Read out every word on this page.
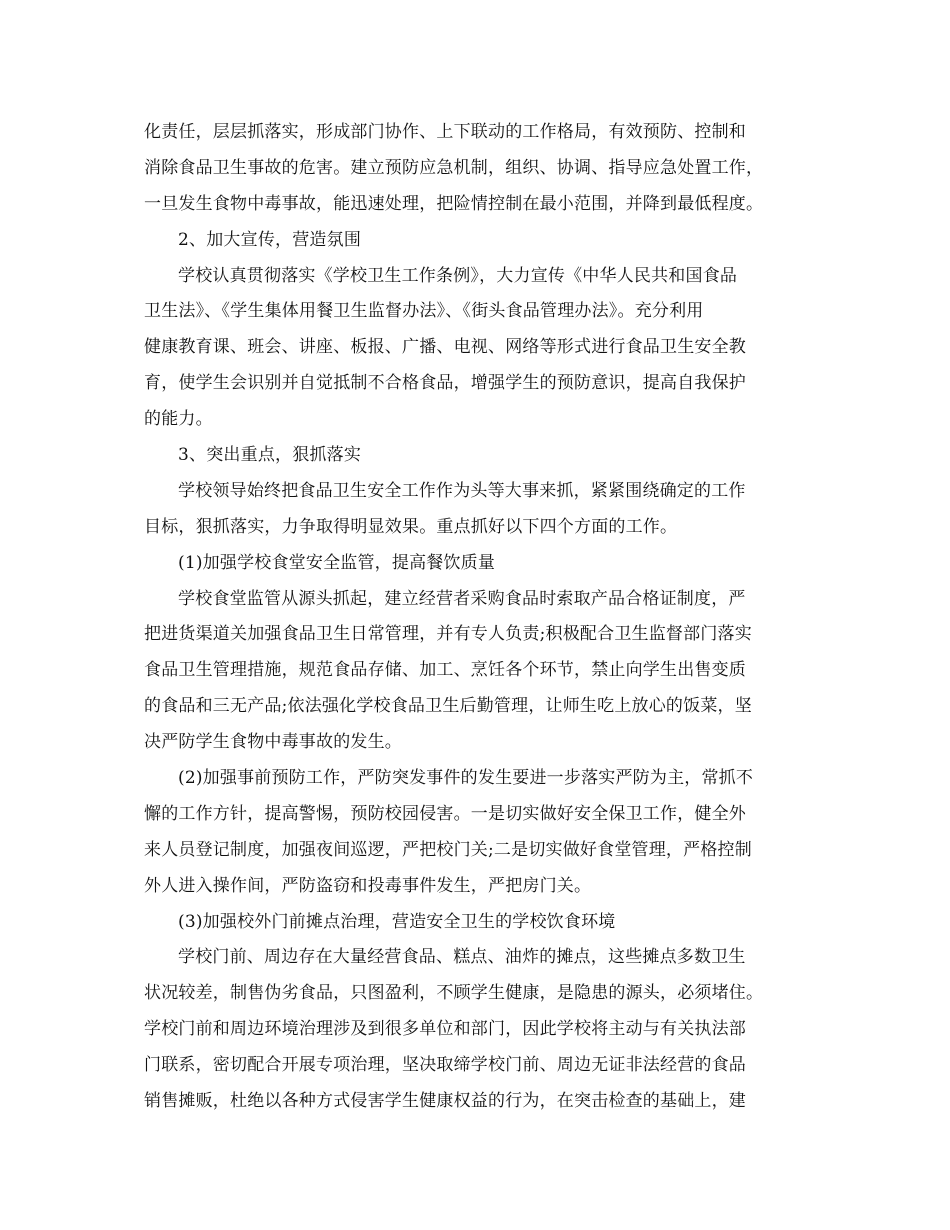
化责任，层层抓落实，形成部门协作、上下联动的工作格局，有效预防、控制和
消除食品卫生事故的危害。建立预防应急机制，组织、协调、指导应急处置工作，
一旦发生食物中毒事故，能迅速处理，把险情控制在最小范围，并降到最低程度。
2、加大宣传，营造氛围
学校认真贯彻落实《学校卫生工作条例》，大力宣传《中华人民共和国食品
卫生法》、《学生集体用餐卫生监督办法》、《街头食品管理办法》。充分利用
健康教育课、班会、讲座、板报、广播、电视、网络等形式进行食品卫生安全教
育，使学生会识别并自觉抵制不合格食品，增强学生的预防意识，提高自我保护
的能力。
3、突出重点，狠抓落实
学校领导始终把食品卫生安全工作作为头等大事来抓，紧紧围绕确定的工作
目标，狠抓落实，力争取得明显效果。重点抓好以下四个方面的工作。
(1)加强学校食堂安全监管，提高餐饮质量
学校食堂监管从源头抓起，建立经营者采购食品时索取产品合格证制度，严
把进货渠道关加强食品卫生日常管理，并有专人负责;积极配合卫生监督部门落实
食品卫生管理措施，规范食品存储、加工、烹饪各个环节，禁止向学生出售变质
的食品和三无产品;依法强化学校食品卫生后勤管理，让师生吃上放心的饭菜，坚
决严防学生食物中毒事故的发生。
(2)加强事前预防工作，严防突发事件的发生要进一步落实严防为主，常抓不
懈的工作方针，提高警惕，预防校园侵害。一是切实做好安全保卫工作，健全外
来人员登记制度，加强夜间巡逻，严把校门关;二是切实做好食堂管理，严格控制
外人进入操作间，严防盗窃和投毒事件发生，严把房门关。
(3)加强校外门前摊点治理，营造安全卫生的学校饮食环境
学校门前、周边存在大量经营食品、糕点、油炸的摊点，这些摊点多数卫生
状况较差，制售伪劣食品，只图盈利，不顾学生健康，是隐患的源头，必须堵住。
学校门前和周边环境治理涉及到很多单位和部门，因此学校将主动与有关执法部
门联系，密切配合开展专项治理，坚决取缔学校门前、周边无证非法经营的食品
销售摊贩，杜绝以各种方式侵害学生健康权益的行为，在突击检查的基础上，建
